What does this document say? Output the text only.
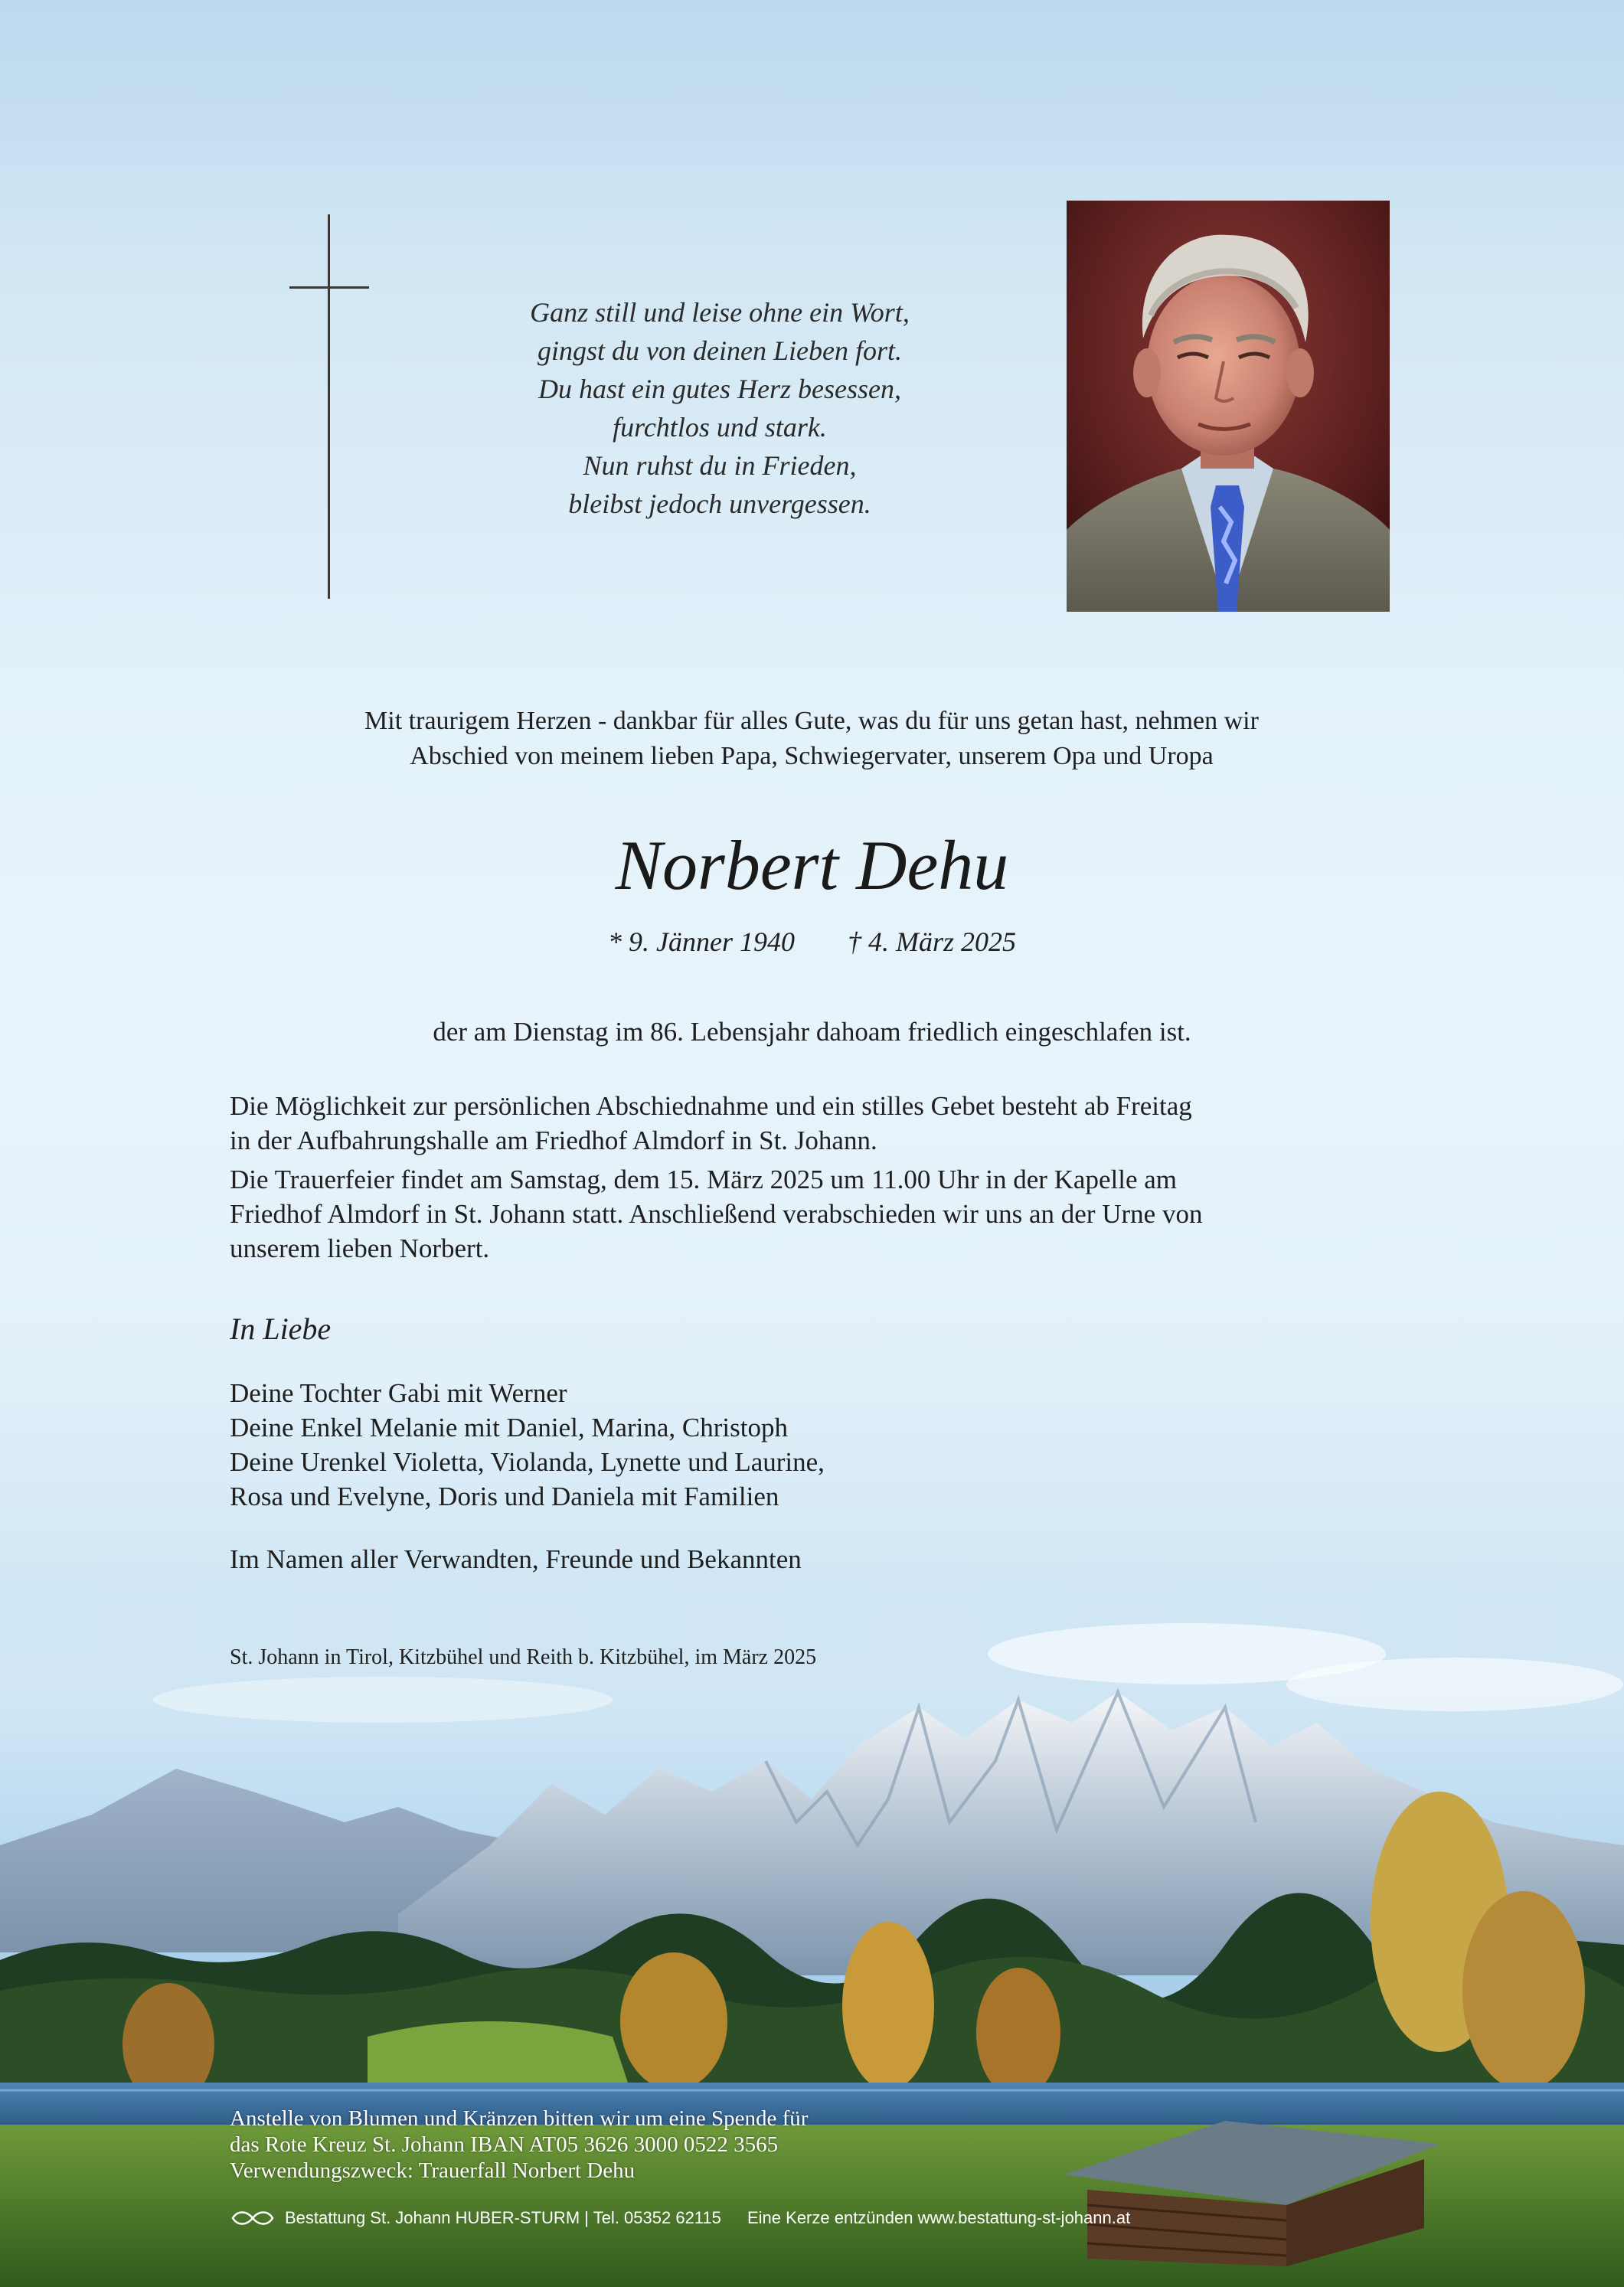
Ganz still und leise ohne ein Wort,
gingst du von deinen Lieben fort.
Du hast ein gutes Herz besessen,
furchtlos und stark.
Nun ruhst du in Frieden,
bleibst jedoch unvergessen.
Mit traurigem Herzen - dankbar für alles Gute, was du für uns getan hast, nehmen wir
Abschied von meinem lieben Papa, Schwiegervater, unserem Opa und Uropa
Norbert Dehu
* 9. Jänner 1940 † 4. März 2025
der am Dienstag im 86. Lebensjahr dahoam friedlich eingeschlafen ist.
Die Möglichkeit zur persönlichen Abschiednahme und ein stilles Gebet besteht ab Freitag
in der Aufbahrungshalle am Friedhof Almdorf in St. Johann.
Die Trauerfeier findet am Samstag, dem 15. März 2025 um 11.00 Uhr in der Kapelle am
Friedhof Almdorf in St. Johann statt. Anschließend verabschieden wir uns an der Urne von
unserem lieben Norbert.
In Liebe
Deine Tochter Gabi mit Werner
Deine Enkel Melanie mit Daniel, Marina, Christoph
Deine Urenkel Violetta, Violanda, Lynette und Laurine,
Rosa und Evelyne, Doris und Daniela mit Familien
Im Namen aller Verwandten, Freunde und Bekannten
St. Johann in Tirol, Kitzbühel und Reith b. Kitzbühel, im März 2025
Anstelle von Blumen und Kränzen bitten wir um eine Spende für
das Rote Kreuz St. Johann IBAN AT05 3626 3000 0522 3565
Verwendungszweck: Trauerfall Norbert Dehu
Bestattung St. Johann HUBER-STURM | Tel. 05352 62115 Eine Kerze entzünden www.bestattung-st-johann.at
